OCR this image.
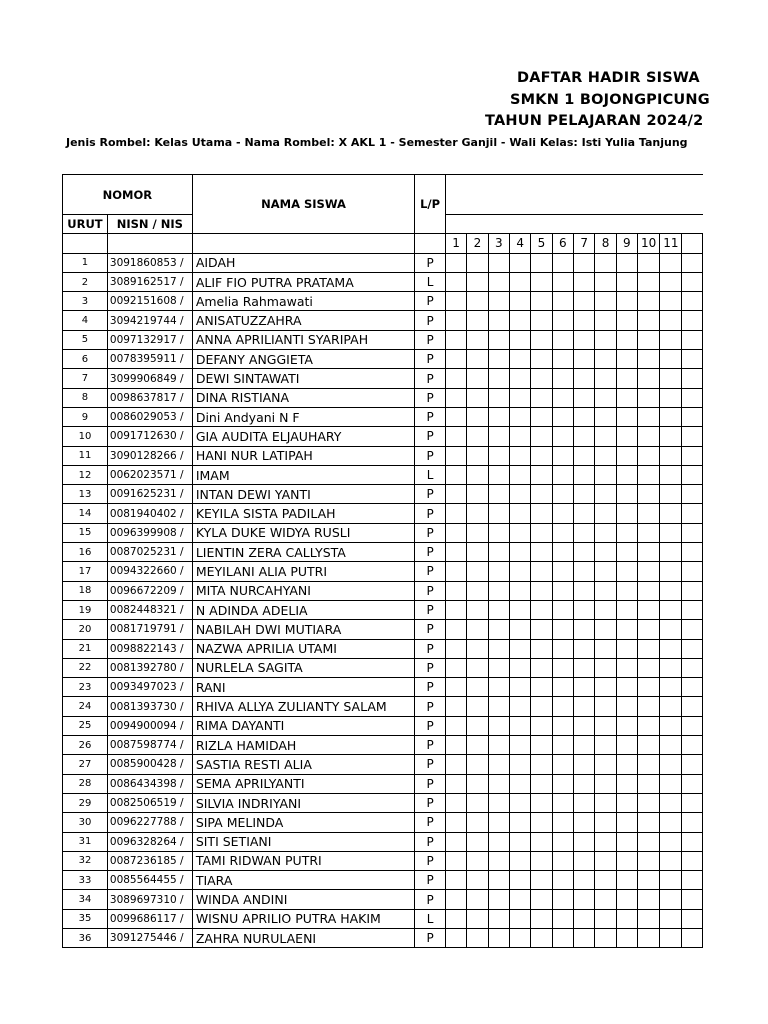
DAFTAR HADIR SISWA
SMKN 1 BOJONGPICUNG
TAHUN PELAJARAN 2024/2
Jenis Rombel: Kelas Utama - Nama Rombel: X AKL 1 - Semester Ganjil - Wali Kelas: Isti Yulia Tanjung
NOMOR		NAMA SISWA	L/P												
URUT	NISN / NIS														
				1	2	3	4	5	6	7	8	9	10	11	
1	3091860853 /	AIDAH	P												
2	3089162517 /	ALIF FIO PUTRA PRATAMA	L												
3	0092151608 /	Amelia Rahmawati	P												
4	3094219744 /	ANISATUZZAHRA	P												
5	0097132917 /	ANNA APRILIANTI SYARIPAH	P												
6	0078395911 /	DEFANY ANGGIETA	P												
7	3099906849 /	DEWI SINTAWATI	P												
8	0098637817 /	DINA RISTIANA	P												
9	0086029053 /	Dini Andyani N F	P												
10	0091712630 /	GIA AUDITA ELJAUHARY	P												
11	3090128266 /	HANI NUR LATIPAH	P												
12	0062023571 /	IMAM	L												
13	0091625231 /	INTAN DEWI YANTI	P												
14	0081940402 /	KEYILA SISTA PADILAH	P												
15	0096399908 /	KYLA DUKE WIDYA RUSLI	P												
16	0087025231 /	LIENTIN ZERA CALLYSTA	P												
17	0094322660 /	MEYILANI ALIA PUTRI	P												
18	0096672209 /	MITA NURCAHYANI	P												
19	0082448321 /	N ADINDA ADELIA	P												
20	0081719791 /	NABILAH DWI MUTIARA	P												
21	0098822143 /	NAZWA APRILIA UTAMI	P												
22	0081392780 /	NURLELA SAGITA	P												
23	0093497023 /	RANI	P												
24	0081393730 /	RHIVA ALLYA ZULIANTY SALAM	P												
25	0094900094 /	RIMA DAYANTI	P												
26	0087598774 /	RIZLA HAMIDAH	P												
27	0085900428 /	SASTIA RESTI ALIA	P												
28	0086434398 /	SEMA APRILYANTI	P												
29	0082506519 /	SILVIA INDRIYANI	P												
30	0096227788 /	SIPA MELINDA	P												
31	0096328264 /	SITI SETIANI	P												
32	0087236185 /	TAMI RIDWAN PUTRI	P												
33	0085564455 /	TIARA	P												
34	3089697310 /	WINDA ANDINI	P												
35	0099686117 /	WISNU APRILIO PUTRA HAKIM	L												
36	3091275446 /	ZAHRA NURULAENI	P												
